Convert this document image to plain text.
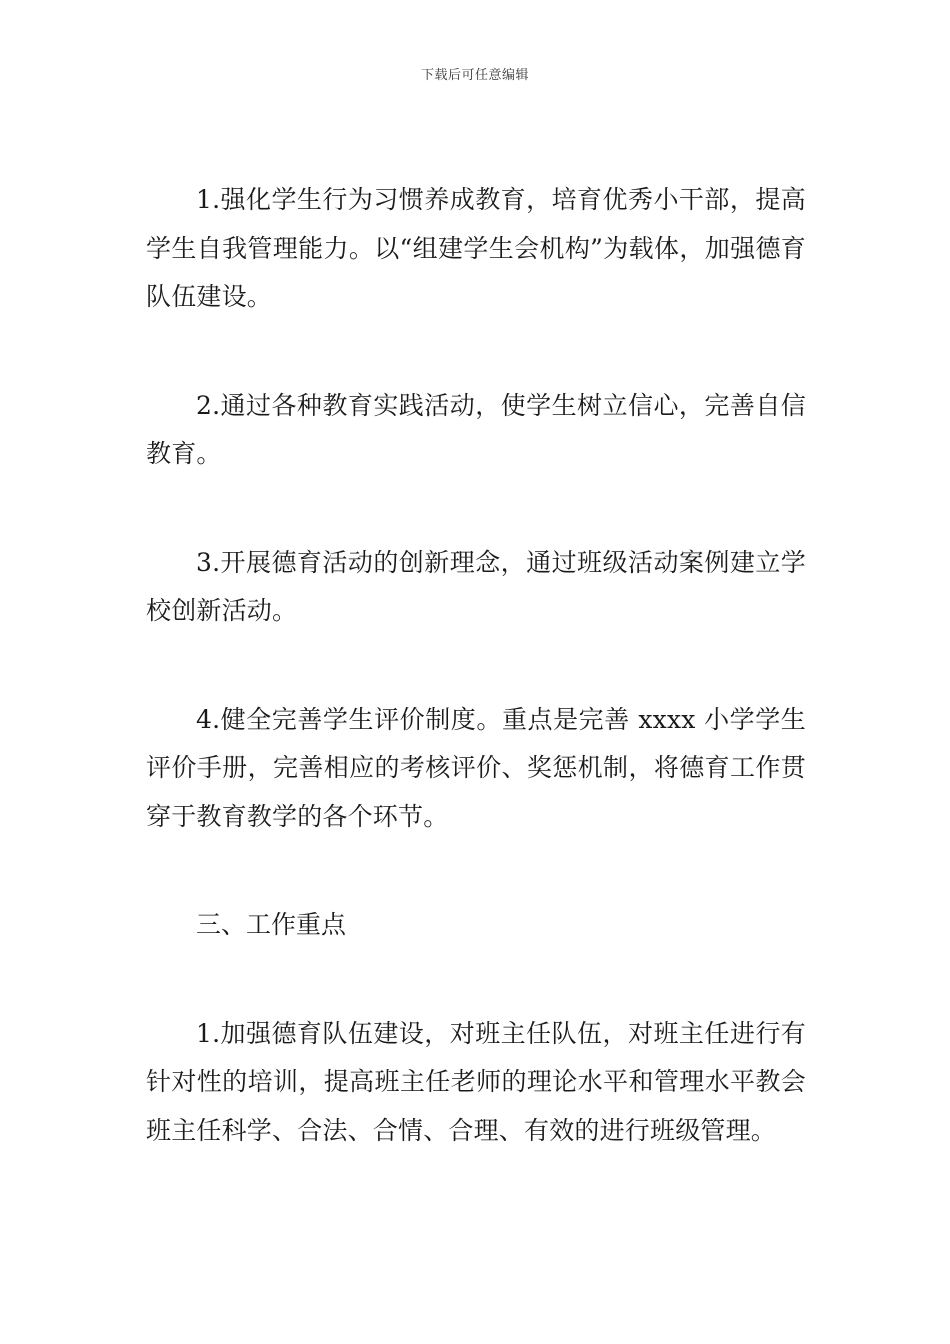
下载后可任意编辑

1.强化学生行为习惯养成教育，培育优秀小干部，提高学生自我管理能力。以“组建学生会机构”为载体，加强德育队伍建设。

2.通过各种教育实践活动，使学生树立信心，完善自信教育。

3.开展德育活动的创新理念，通过班级活动案例建立学校创新活动。

4.健全完善学生评价制度。重点是完善 xxxx 小学学生评价手册，完善相应的考核评价、奖惩机制，将德育工作贯穿于教育教学的各个环节。

三、工作重点

1.加强德育队伍建设，对班主任队伍，对班主任进行有针对性的培训，提高班主任老师的理论水平和管理水平教会班主任科学、合法、合情、合理、有效的进行班级管理。
